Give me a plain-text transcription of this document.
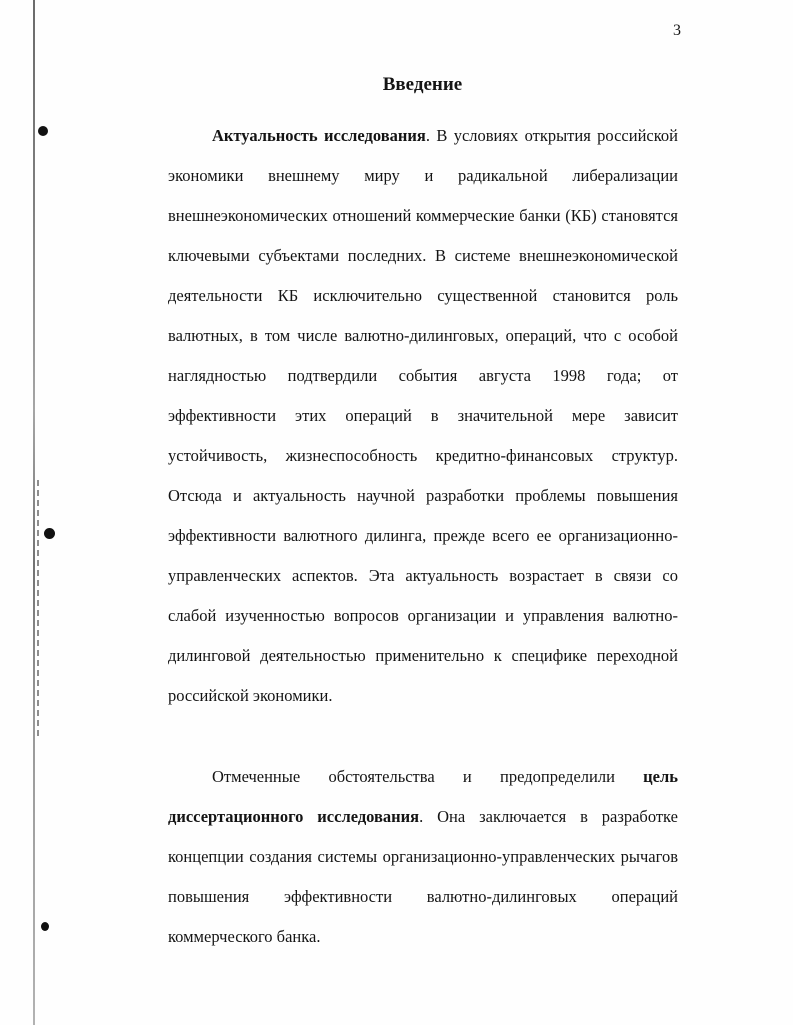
3
Введение

Актуальность исследования. В условиях открытия российской экономики внешнему миру и радикальной либерализации внешнеэкономических отношений коммерческие банки (КБ) становятся ключевыми субъектами последних. В системе внешнеэкономической деятельности КБ исключительно существенной становится роль валютных, в том числе валютно-дилинговых, операций, что с особой наглядностью подтвердили события августа 1998 года; от эффективности этих операций в значительной мере зависит устойчивость, жизнеспособность кредитно-финансовых структур. Отсюда и актуальность научной разработки проблемы повышения эффективности валютного дилинга, прежде всего ее организационно-управленческих аспектов. Эта актуальность возрастает в связи со слабой изученностью вопросов организации и управления валютно-дилинговой деятельностью применительно к специфике переходной российской экономики.

Отмеченные обстоятельства и предопределили цель диссертационного исследования. Она заключается в разработке концепции создания системы организационно-управленческих рычагов повышения эффективности валютно-дилинговых операций коммерческого банка.
